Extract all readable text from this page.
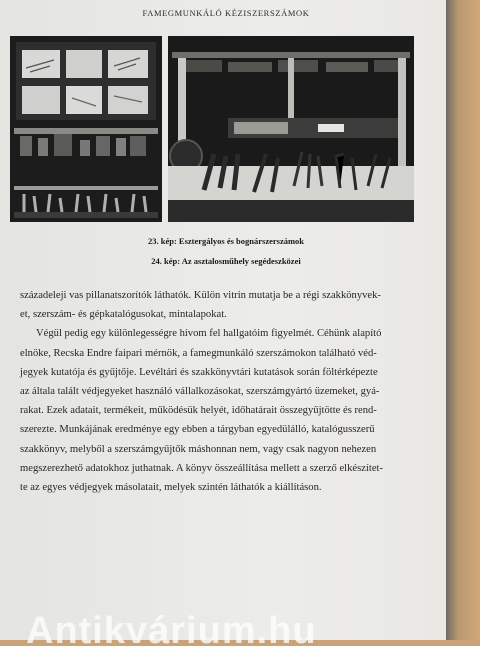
FAMEGMUNKÁLÓ KÉZISZERSZÁMOK
23. kép: Esztergályos és bognárszerszámok
24. kép: Az asztalosműhely segédeszközei
századeleji vas pillanatszorítók láthatók. Külön vitrin mutatja be a régi szakkönyvek-
et, szerszám- és gépkatalógusokat, mintalapokat.
Végül pedig egy különlegességre hívom fel hallgatóim figyelmét. Céhünk alapító
elnöke, Recska Endre faipari mérnök, a famegmunkáló szerszámokon található véd-
jegyek kutatója és gyűjtője. Levéltári és szakkönyvtári kutatások során föltérképezte
az általa talált védjegyeket használó vállalkozásokat, szerszámgyártó üzemeket, gyá-
rakat. Ezek adatait, termékeit, működésük helyét, időhatárait összegyűjtötte és rend-
szerezte. Munkájának eredménye egy ebben a tárgyban egyedülálló, katalógusszerű
szakkönyv, melyből a szerszámgyűjtők máshonnan nem, vagy csak nagyon nehezen
megszerezhető adatokhoz juthatnak. A könyv összeállítása mellett a szerző elkészítet-
te az egyes védjegyek másolatait, melyek szintén láthatók a kiállításon.
Antikvárium.hu
